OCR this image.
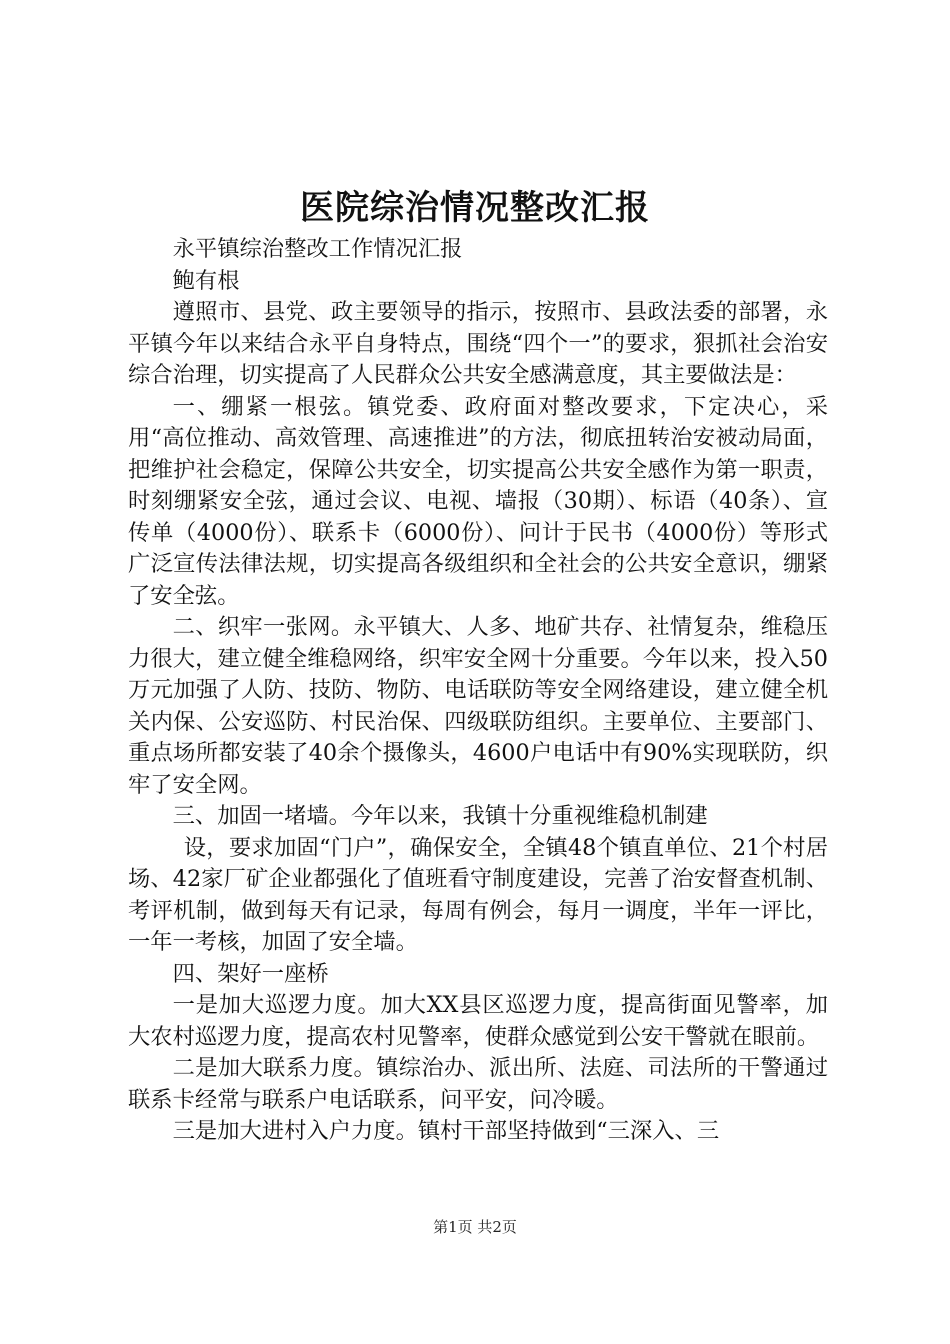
医院综治情况整改汇报

永平镇综治整改工作情况汇报

鲍有根

遵照市、县党、政主要领导的指示，按照市、县政法委的部署，永平镇今年以来结合永平自身特点，围绕“四个一”的要求，狠抓社会治安综合治理，切实提高了人民群众公共安全感满意度，其主要做法是：

一、绷紧一根弦。镇党委、政府面对整改要求，下定决心，采用“高位推动、高效管理、高速推进”的方法，彻底扭转治安被动局面，把维护社会稳定，保障公共安全，切实提高公共安全感作为第一职责，时刻绷紧安全弦，通过会议、电视、墙报（30期）、标语（40条）、宣传单（4000份）、联系卡（6000份）、问计于民书（4000份）等形式广泛宣传法律法规，切实提高各级组织和全社会的公共安全意识，绷紧了安全弦。

二、织牢一张网。永平镇大、人多、地矿共存、社情复杂，维稳压力很大，建立健全维稳网络，织牢安全网十分重要。今年以来，投入50万元加强了人防、技防、物防、电话联防等安全网络建设，建立健全机关内保、公安巡防、村民治保、四级联防组织。主要单位、主要部门、重点场所都安装了40余个摄像头，4600户电话中有90%实现联防，织牢了安全网。

三、加固一堵墙。今年以来，我镇十分重视维稳机制建

设，要求加固“门户”，确保安全，全镇48个镇直单位、21个村居场、42家厂矿企业都强化了值班看守制度建设，完善了治安督查机制、考评机制，做到每天有记录，每周有例会，每月一调度，半年一评比，一年一考核，加固了安全墙。

四、架好一座桥

一是加大巡逻力度。加大XX县区巡逻力度，提高街面见警率，加大农村巡逻力度，提高农村见警率，使群众感觉到公安干警就在眼前。

二是加大联系力度。镇综治办、派出所、法庭、司法所的干警通过联系卡经常与联系户电话联系，问平安，问冷暖。

三是加大进村入户力度。镇村干部坚持做到“三深入、三

第1页 共2页
